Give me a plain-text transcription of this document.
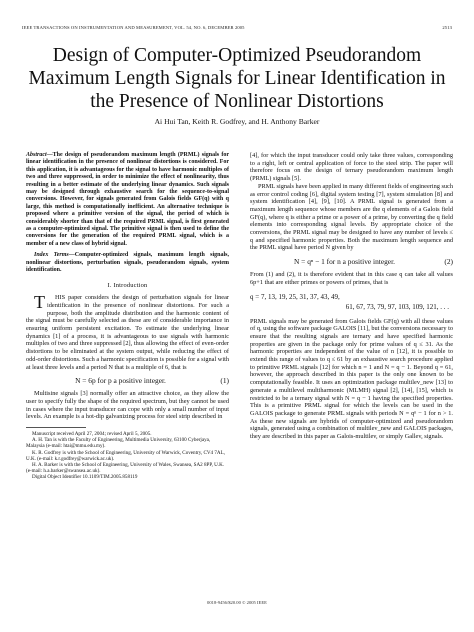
IEEE TRANSACTIONS ON INSTRUMENTATION AND MEASUREMENT, VOL. 54, NO. 6, DECEMBER 2005	2513
Design of Computer-Optimized Pseudorandom Maximum Length Signals for Linear Identification in the Presence of Nonlinear Distortions
Ai Hui Tan, Keith R. Godfrey, and H. Anthony Barker

Abstract—The design of pseudorandom maximum length (PRML) signals for linear identification in the presence of nonlinear distortions is considered. For this application, it is advantageous for the signal to have harmonic multiples of two and three suppressed, in order to minimize the effect of nonlinearity, thus resulting in a better estimate of the underlying linear dynamics. Such signals may be designed through exhaustive search for the sequence-to-signal conversions. However, for signals generated from Galois fields GF(q) with q large, this method is computationally inefficient. An alternative technique is proposed where a primitive version of the signal, the period of which is considerably shorter than that of the required PRML signal, is first generated as a computer-optimized signal. The primitive signal is then used to define the conversions for the generation of the required PRML signal, which is a member of a new class of hybrid signal.

Index Terms—Computer-optimized signals, maximum length signals, nonlinear distortions, perturbation signals, pseudorandom signals, system identification.

I. Introduction

T HIS paper considers the design of perturbation signals for linear identification in the presence of nonlinear distortions. For such a purpose, both the amplitude distribution and the harmonic content of the signal must be carefully selected as these are of considerable importance in ensuring uniform persistent excitation. To estimate the underlying linear dynamics [1] of a process, it is advantageous to use signals with harmonic multiples of two and three suppressed [2], thus allowing the effect of even-order distortions to be eliminated at the system output, while reducing the effect of odd-order distortions. Such a harmonic specification is possible for a signal with at least three levels and a period N that is a multiple of 6, that is

N = 6p for p a positive integer.	(1)

Multisine signals [3] normally offer an attractive choice, as they allow the user to specify fully the shape of the required spectrum, but they cannot be used in cases where the input transducer can cope with only a small number of input levels. An example is a hot-dip galvanizing process for steel strip described in

Manuscript received April 27, 2004; revised April 5, 2005.

A. H. Tan is with the Faculty of Engineering, Multimedia University, 63100 Cyberjaya, Malaysia (e-mail: htai@mmu.edu.my).

K. R. Godfrey is with the School of Engineering, University of Warwick, Coventry, CV4 7AL, U.K. (e-mail: k.r.godfrey@warwick.ac.uk).

H. A. Barker is with the School of Engineering, University of Wales, Swansea, SA2 8PP, U.K. (e-mail: h.a.barker@swansea.ac.uk).

Digital Object Identifier 10.1109/TIM.2005.858119

[4], for which the input transducer could only take three values, corresponding to a right, left or central application of force to the steel strip. The paper will therefore focus on the design of ternary pseudorandom maximum length (PRML) signals [5].

PRML signals have been applied in many different fields of engineering such as error control coding [6], digital system testing [7], system simulation [8] and system identification [4], [9], [10]. A PRML signal is generated from a maximum length sequence whose members are the q elements of a Galois field GF(q), where q is either a prime or a power of a prime, by converting the q field elements into corresponding signal levels. By appropriate choice of the conversions, the PRML signal may be designed to have any number of levels ≤ q and specified harmonic properties. Both the maximum length sequence and the PRML signal have period N given by

N = qⁿ − 1 for n a positive integer.	(2)

From (1) and (2), it is therefore evident that in this case q can take all values 6p+1 that are either primes or powers of primes, that is

q = 7, 13, 19, 25, 31, 37, 43, 49,
61, 67, 73, 79, 97, 103, 109, 121, . . .

PRML signals may be generated from Galois fields GF(q) with all these values of q, using the software package GALOIS [11], but the conversions necessary to ensure that the resulting signals are ternary and have specified harmonic properties are given in the package only for prime values of q ≤ 31. As the harmonic properties are independent of the value of n [12], it is possible to extend this range of values to q ≤ 61 by an exhaustive search procedure applied to primitive PRML signals [12] for which n = 1 and N = q − 1. Beyond q = 61, however, the approach described in this paper is the only one known to be computationally feasible. It uses an optimization package multilev_new [13] to generate a multilevel multiharmonic (MLMH) signal [2], [14], [15], which is restricted to be a ternary signal with N = q − 1 having the specified properties. This is a primitive PRML signal for which the levels can be used in the GALOIS package to generate PRML signals with periods N = qⁿ − 1 for n > 1. As these new signals are hybrids of computer-optimized and pseudorandom signals, generated using a combination of multilev_new and GALOIS packages, they are described in this paper as Galois-multilev, or simply Gallev, signals.

0018-9456/$20.00 © 2005 IEEE
